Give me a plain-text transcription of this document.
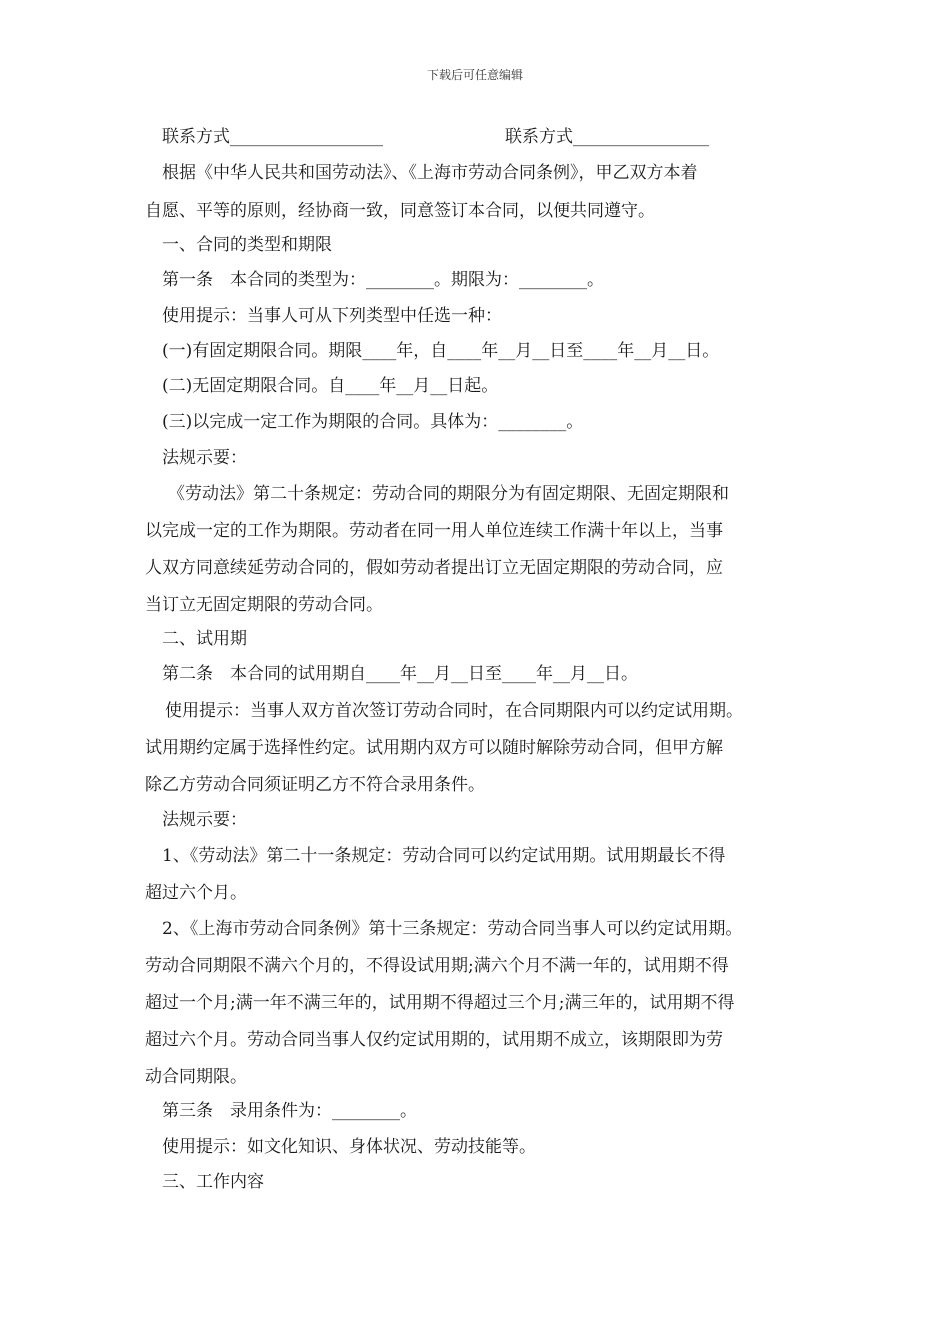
下载后可任意编辑
联系方式__________________	联系方式________________
根据《中华人民共和国劳动法》、《上海市劳动合同条例》，甲乙双方本着
自愿、平等的原则，经协商一致，同意签订本合同，以便共同遵守。
一、合同的类型和期限
第一条　本合同的类型为：________。期限为：________。
使用提示：当事人可从下列类型中任选一种：
(一)有固定期限合同。期限____年，自____年__月__日至____年__月__日。
(二)无固定期限合同。自____年__月__日起。
(三)以完成一定工作为期限的合同。具体为：________。
法规示要：
《劳动法》第二十条规定：劳动合同的期限分为有固定期限、无固定期限和
以完成一定的工作为期限。劳动者在同一用人单位连续工作满十年以上，当事
人双方同意续延劳动合同的，假如劳动者提出订立无固定期限的劳动合同，应
当订立无固定期限的劳动合同。
二、试用期
第二条　本合同的试用期自____年__月__日至____年__月__日。
使用提示：当事人双方首次签订劳动合同时，在合同期限内可以约定试用期。
试用期约定属于选择性约定。试用期内双方可以随时解除劳动合同，但甲方解
除乙方劳动合同须证明乙方不符合录用条件。
法规示要：
1、《劳动法》第二十一条规定：劳动合同可以约定试用期。试用期最长不得
超过六个月。
2、《上海市劳动合同条例》第十三条规定：劳动合同当事人可以约定试用期。
劳动合同期限不满六个月的，不得设试用期;满六个月不满一年的，试用期不得
超过一个月;满一年不满三年的，试用期不得超过三个月;满三年的，试用期不得
超过六个月。劳动合同当事人仅约定试用期的，试用期不成立，该期限即为劳
动合同期限。
第三条　录用条件为：________。
使用提示：如文化知识、身体状况、劳动技能等。
三、工作内容
